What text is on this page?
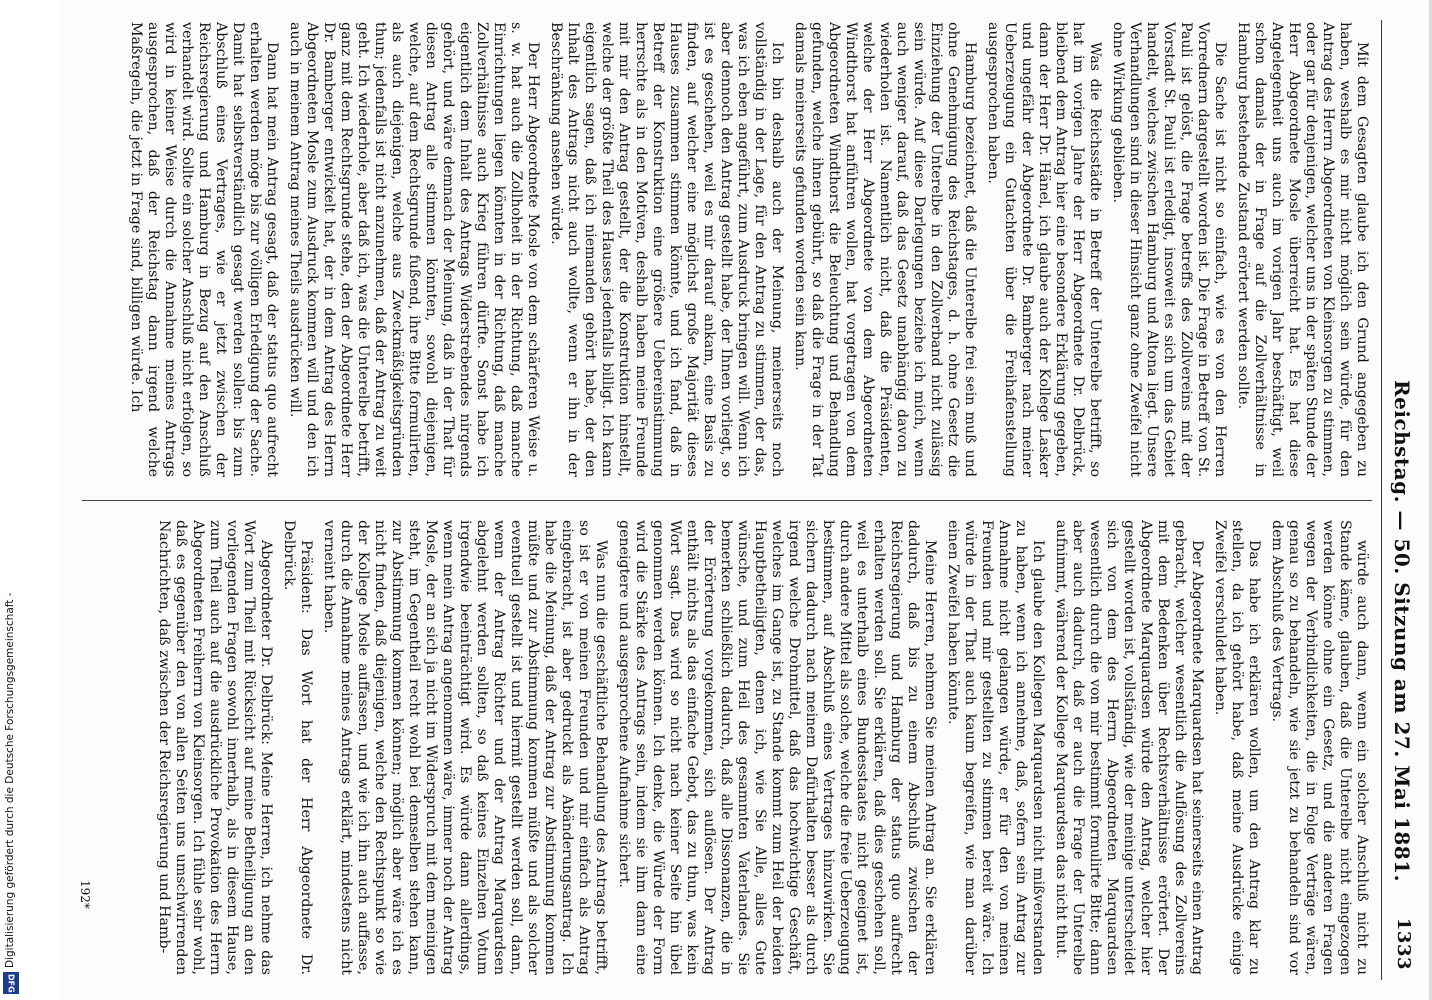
Digitalisierung gefördert durch die Deutsche Forschungsgemeinschaft -
DFG
Reichstag. — 50. Sitzung am 27. Mai 1881.
1333

Mit dem Gesagten glaube ich den Grund angegeben zu haben, weshalb es mir nicht möglich sein würde, für den Antrag des Herrn Abgeordneten von Kleinsorgen zu stimmen, oder gar für denjenigen, welcher uns in der späten Stunde der Herr Abgeordnete Mosle überreicht hat. Es hat diese Angelegenheit uns auch im vorigen Jahr beschäftigt, weil schon damals der in Frage auf die Zollverhältnisse in Hamburg bestehende Zustand erörtert werden sollte.

Die Sache ist nicht so einfach, wie es von den Herren Vorrednern dargestellt worden ist. Die Frage in Betreff von St. Pauli ist gelöst, die Frage betreffs des Zollvereins mit der Vorstadt St. Pauli ist erledigt, insoweit es sich um das Gebiet handelt, welches zwischen Hamburg und Altona liegt. Unsere Verhandlungen sind in dieser Hinsicht ganz ohne Zweifel nicht ohne Wirkung geblieben.

Was die Reichsstädte in Betreff der Unterelbe betrifft, so hat im vorigen Jahre der Herr Abgeordnete Dr. Delbrück, bleibend dem Antrag hier eine besondere Erklärung gegeben, dann der Herr Dr. Hänel, ich glaube auch der Kollege Lasker und ungefähr der Abgeordnete Dr. Bamberger nach meiner Ueberzeugung ein Gutachten über die Freihafenstellung ausgesprochen haben.

Hamburg bezeichnet, daß die Unterelbe frei sein muß und ohne Genehmigung des Reichstages, d. h. ohne Gesetz die Einziehung der Unterelbe in den Zollverband nicht zulässig sein würde. Auf diese Darlegungen beziehe ich mich, wenn auch weniger darauf, daß das Gesetz unabhängig davon zu wiederholen ist. Namentlich nicht, daß die Präsidenten, welche der Herr Abgeordnete von dem Abgeordneten Windthorst hat anführen wollen, hat vorgetragen von dem Abgeordneten Windthorst die Beleuchtung und Behandlung gefunden, welche ihnen gebührt, so daß die Frage in der Tat damals meinerseits gefunden worden sein kann.

Ich bin deshalb auch der Meinung, meinerseits noch vollständig in der Lage, für den Antrag zu stimmen, der das, was ich eben angeführt, zum Ausdruck bringen will. Wenn ich aber dennoch den Antrag gestellt habe, der Ihnen vorliegt, so ist es geschehen, weil es mir darauf ankam, eine Basis zu finden, auf welcher eine möglichst große Majorität dieses Hauses zusammen stimmen könnte, und ich fand, daß in Betreff der Konstruktion eine größere Uebereinstimmung herrschte als in den Motiven, deshalb haben meine Freunde mit mir den Antrag gestellt, der die Konstruktion hinstellt, welche der größte Theil des Hauses jedenfalls billigt. Ich kann eigentlich sagen, daß ich niemanden gehört habe, der den Inhalt des Antrags nicht auch wollte, wenn er ihn in der Beschränkung ansehen würde.

Der Herr Abgeordnete Mosle von dem schärferen Weise u. s. w. hat auch die Zollhoheit in der Richtung, daß manche Einrichtungen liegen könnten in der Richtung, daß manche Zollverhältnisse auch Krieg führen dürfte. Sonst habe ich eigentlich dem Inhalt des Antrags Widerstrebendes nirgends gehört, und wäre demnach der Meinung, daß in der That für diesen Antrag alle stimmen könnten, sowohl diejenigen, welche, auf dem Rechtsgrunde fußend, ihre Bitte formulirten, als auch diejenigen, welche aus Zweckmäßigkeitsgründen thun; jedenfalls ist nicht anzunehmen, daß der Antrag zu weit geht. Ich wiederhole, aber daß ich, was die Unterelbe betrifft, ganz mit dem Rechtsgrunde stehe, den der Abgeordnete Herr Dr. Bamberger entwickelt hat, der in dem Antrag des Herrn Abgeordneten Mosle zum Ausdruck kommen will und den ich auch in meinem Antrag meines Theils ausdrücken will.

Dann hat mein Antrag gesagt, daß der status quo aufrecht erhalten werden möge bis zur völligen Erledigung der Sache. Damit hat selbstverständlich gesagt werden sollen: bis zum Abschluß eines Vertrages, wie er jetzt zwischen der Reichsregierung und Hamburg in Bezug auf den Anschluß verhandelt wird. Sollte ein solcher Anschluß nicht erfolgen, so wird in keiner Weise durch die Annahme meines Antrags ausgesprochen, daß der Reichstag dann irgend welche Maßregeln, die jetzt in Frage sind, billigen würde. Ich

würde auch dann, wenn ein solcher Anschluß nicht zu Stande käme, glauben, daß die Unterelbe nicht eingezogen werden könne ohne ein Gesetz, und die anderen Fragen wegen der Verbindlichkeiten, die in Folge Verträge wären, genau so zu behandeln, wie sie jetzt zu behandeln sind vor dem Abschluß des Vertrags.

Das habe ich erklären wollen, um den Antrag klar zu stellen, da ich gehört habe, daß meine Ausdrücke einige Zweifel verschuldet haben.

Der Abgeordnete Marquardsen hat seinerseits einen Antrag gebracht, welcher wesentlich die Auflösung des Zollvereins mit dem Bedenken über Rechtsverhältnisse erörtert. Der Abgeordnete Marquardsen würde den Antrag, welcher hier gestellt worden ist, vollständig, wie der meinige unterscheidet sich von dem des Herrn Abgeordneten Marquardsen wesentlich durch die von mir bestimmt formulirte Bitte; dann aber auch dadurch, daß er auch die Frage der Unterelbe aufnimmt, während der Kollege Marquardsen das nicht thut.

Ich glaube den Kollegen Marquardsen nicht mißverstanden zu haben, wenn ich annehme, daß, sofern sein Antrag zur Annahme nicht gelangen würde, er für den von meinen Freunden und mir gestellten zu stimmen bereit wäre. Ich würde in der That auch kaum begreifen, wie man darüber einen Zweifel haben könnte.

Meine Herren, nehmen Sie meinen Antrag an. Sie erklären dadurch, daß bis zu einem Abschluß zwischen der Reichsregierung und Hamburg der status quo aufrecht erhalten werden soll. Sie erklären, daß dies geschehen soll, weil es unterhalb eines Bundesstaates nicht geeignet ist, durch andere Mittel als solche, welche die freie Ueberzeugung bestimmen, auf Abschluß eines Vertrages hinzuwirken. Sie sichern dadurch nach meinem Dafürhalten besser als durch irgend welche Drohmittel, daß das hochwichtige Geschäft, welches im Gange ist, zu Stande kommt zum Heil der beiden Hauptbetheiligten, denen ich, wie Sie Alle, alles Gute wünsche, und zum Heil des gesammten Vaterlandes. Sie bemerken schließlich dadurch, daß alle Dissonanzen, die in der Erörterung vorgekommen, sich auflösen. Der Antrag enthält nichts als das einfache Gebot, das zu thun, was kein Wort sagt. Das wird so nicht nach keiner Seite hin übel genommen werden können. Ich denke, die Würde der Form wird die Stärke des Antrags sein, indem sie ihm dann eine geneigtere und ausgesprochene Aufnahme sichert.

Was nun die geschäftliche Behandlung des Antrags betrifft, so ist er von meinen Freunden und mir einfach als Antrag eingebracht, ist aber gedruckt als Abänderungsantrag. Ich habe die Meinung, daß der Antrag zur Abstimmung kommen müßte und zur Abstimmung kommen müßte und als solcher eventuell gestellt ist und hiermit gestellt werden soll, dann, wenn der Antrag Richter und der Antrag Marquardsen abgelehnt werden sollten, so daß keines Einzelnen Votum irgendwie beeinträchtigt wird. Es würde dann allerdings, wenn mein Antrag angenommen wäre, immer noch der Antrag Mosle, der an sich ja nicht im Widerspruch mit dem meinigen steht, im Gegentheil recht wohl bei demselben stehen kann, zur Abstimmung kommen können; möglich aber wäre ich es nicht finden, daß diejenigen, welche den Rechtspunkt so wie der Kollege Mosle auffassen, und wie ich ihn auch auffasse, durch die Annahme meines Antrags erklärt, mindestens nicht verneint haben.

Präsident: Das Wort hat der Herr Abgeordnete Dr. Delbrück.

Abgeordneter Dr. Delbrück: Meine Herren, ich nehme das Wort zum Theil mit Rücksicht auf meine Betheiligung an den vorliegenden Fragen sowohl innerhalb, als in diesem Hause, zum Theil auch auf die ausdrückliche Provokation des Herrn Abgeordneten Freiherrn von Kleinsorgen. Ich fühle sehr wohl, daß es gegenüber den von allen Seiten uns umschwirrenden Nachrichten, daß zwischen der Reichsregierung und Hamb-

192*
